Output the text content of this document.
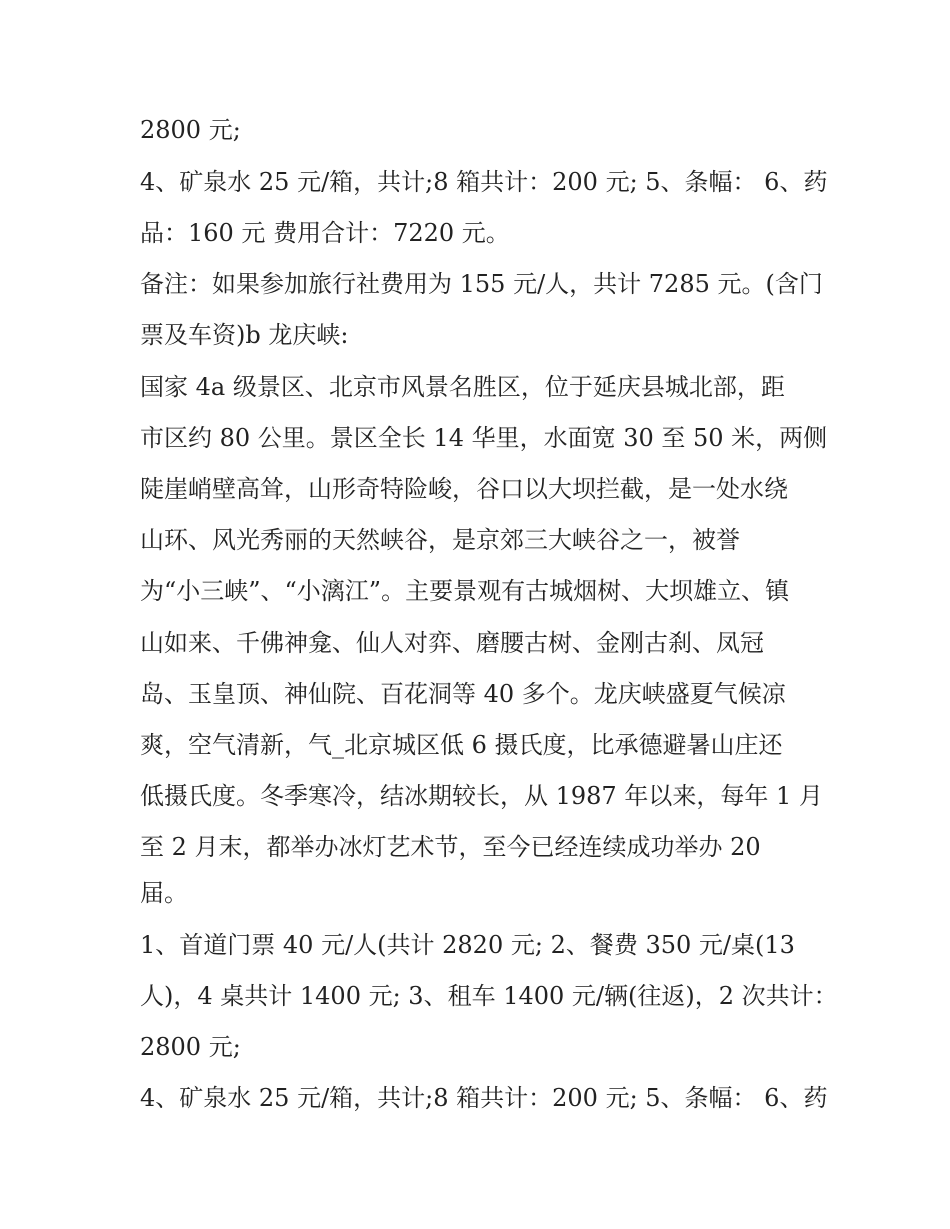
2800 元;
4、矿泉水 25 元/箱，共计;8 箱共计：200 元; 5、条幅： 6、药
品：160 元 费用合计：7220 元。
备注：如果参加旅行社费用为 155 元/人，共计 7285 元。(含门
票及车资)b 龙庆峡:
国家 4a 级景区、北京市风景名胜区，位于延庆县城北部，距
市区约 80 公里。景区全长 14 华里，水面宽 30 至 50 米，两侧
陡崖峭壁高耸，山形奇特险峻，谷口以大坝拦截，是一处水绕
山环、风光秀丽的天然峡谷，是京郊三大峡谷之一，被誉
为“小三峡”、“小漓江”。主要景观有古城烟树、大坝雄立、镇
山如来、千佛神龛、仙人对弈、磨腰古树、金刚古刹、凤冠
岛、玉皇顶、神仙院、百花洞等 40 多个。龙庆峡盛夏气候凉
爽，空气清新，气_北京城区低 6 摄氏度，比承德避暑山庄还
低摄氏度。冬季寒冷，结冰期较长，从 1987 年以来，每年 1 月
至 2 月末，都举办冰灯艺术节，至今已经连续成功举办 20
届。
1、首道门票 40 元/人(共计 2820 元; 2、餐费 350 元/桌(13
人)，4 桌共计 1400 元; 3、租车 1400 元/辆(往返)，2 次共计：
2800 元;
4、矿泉水 25 元/箱，共计;8 箱共计：200 元; 5、条幅： 6、药
